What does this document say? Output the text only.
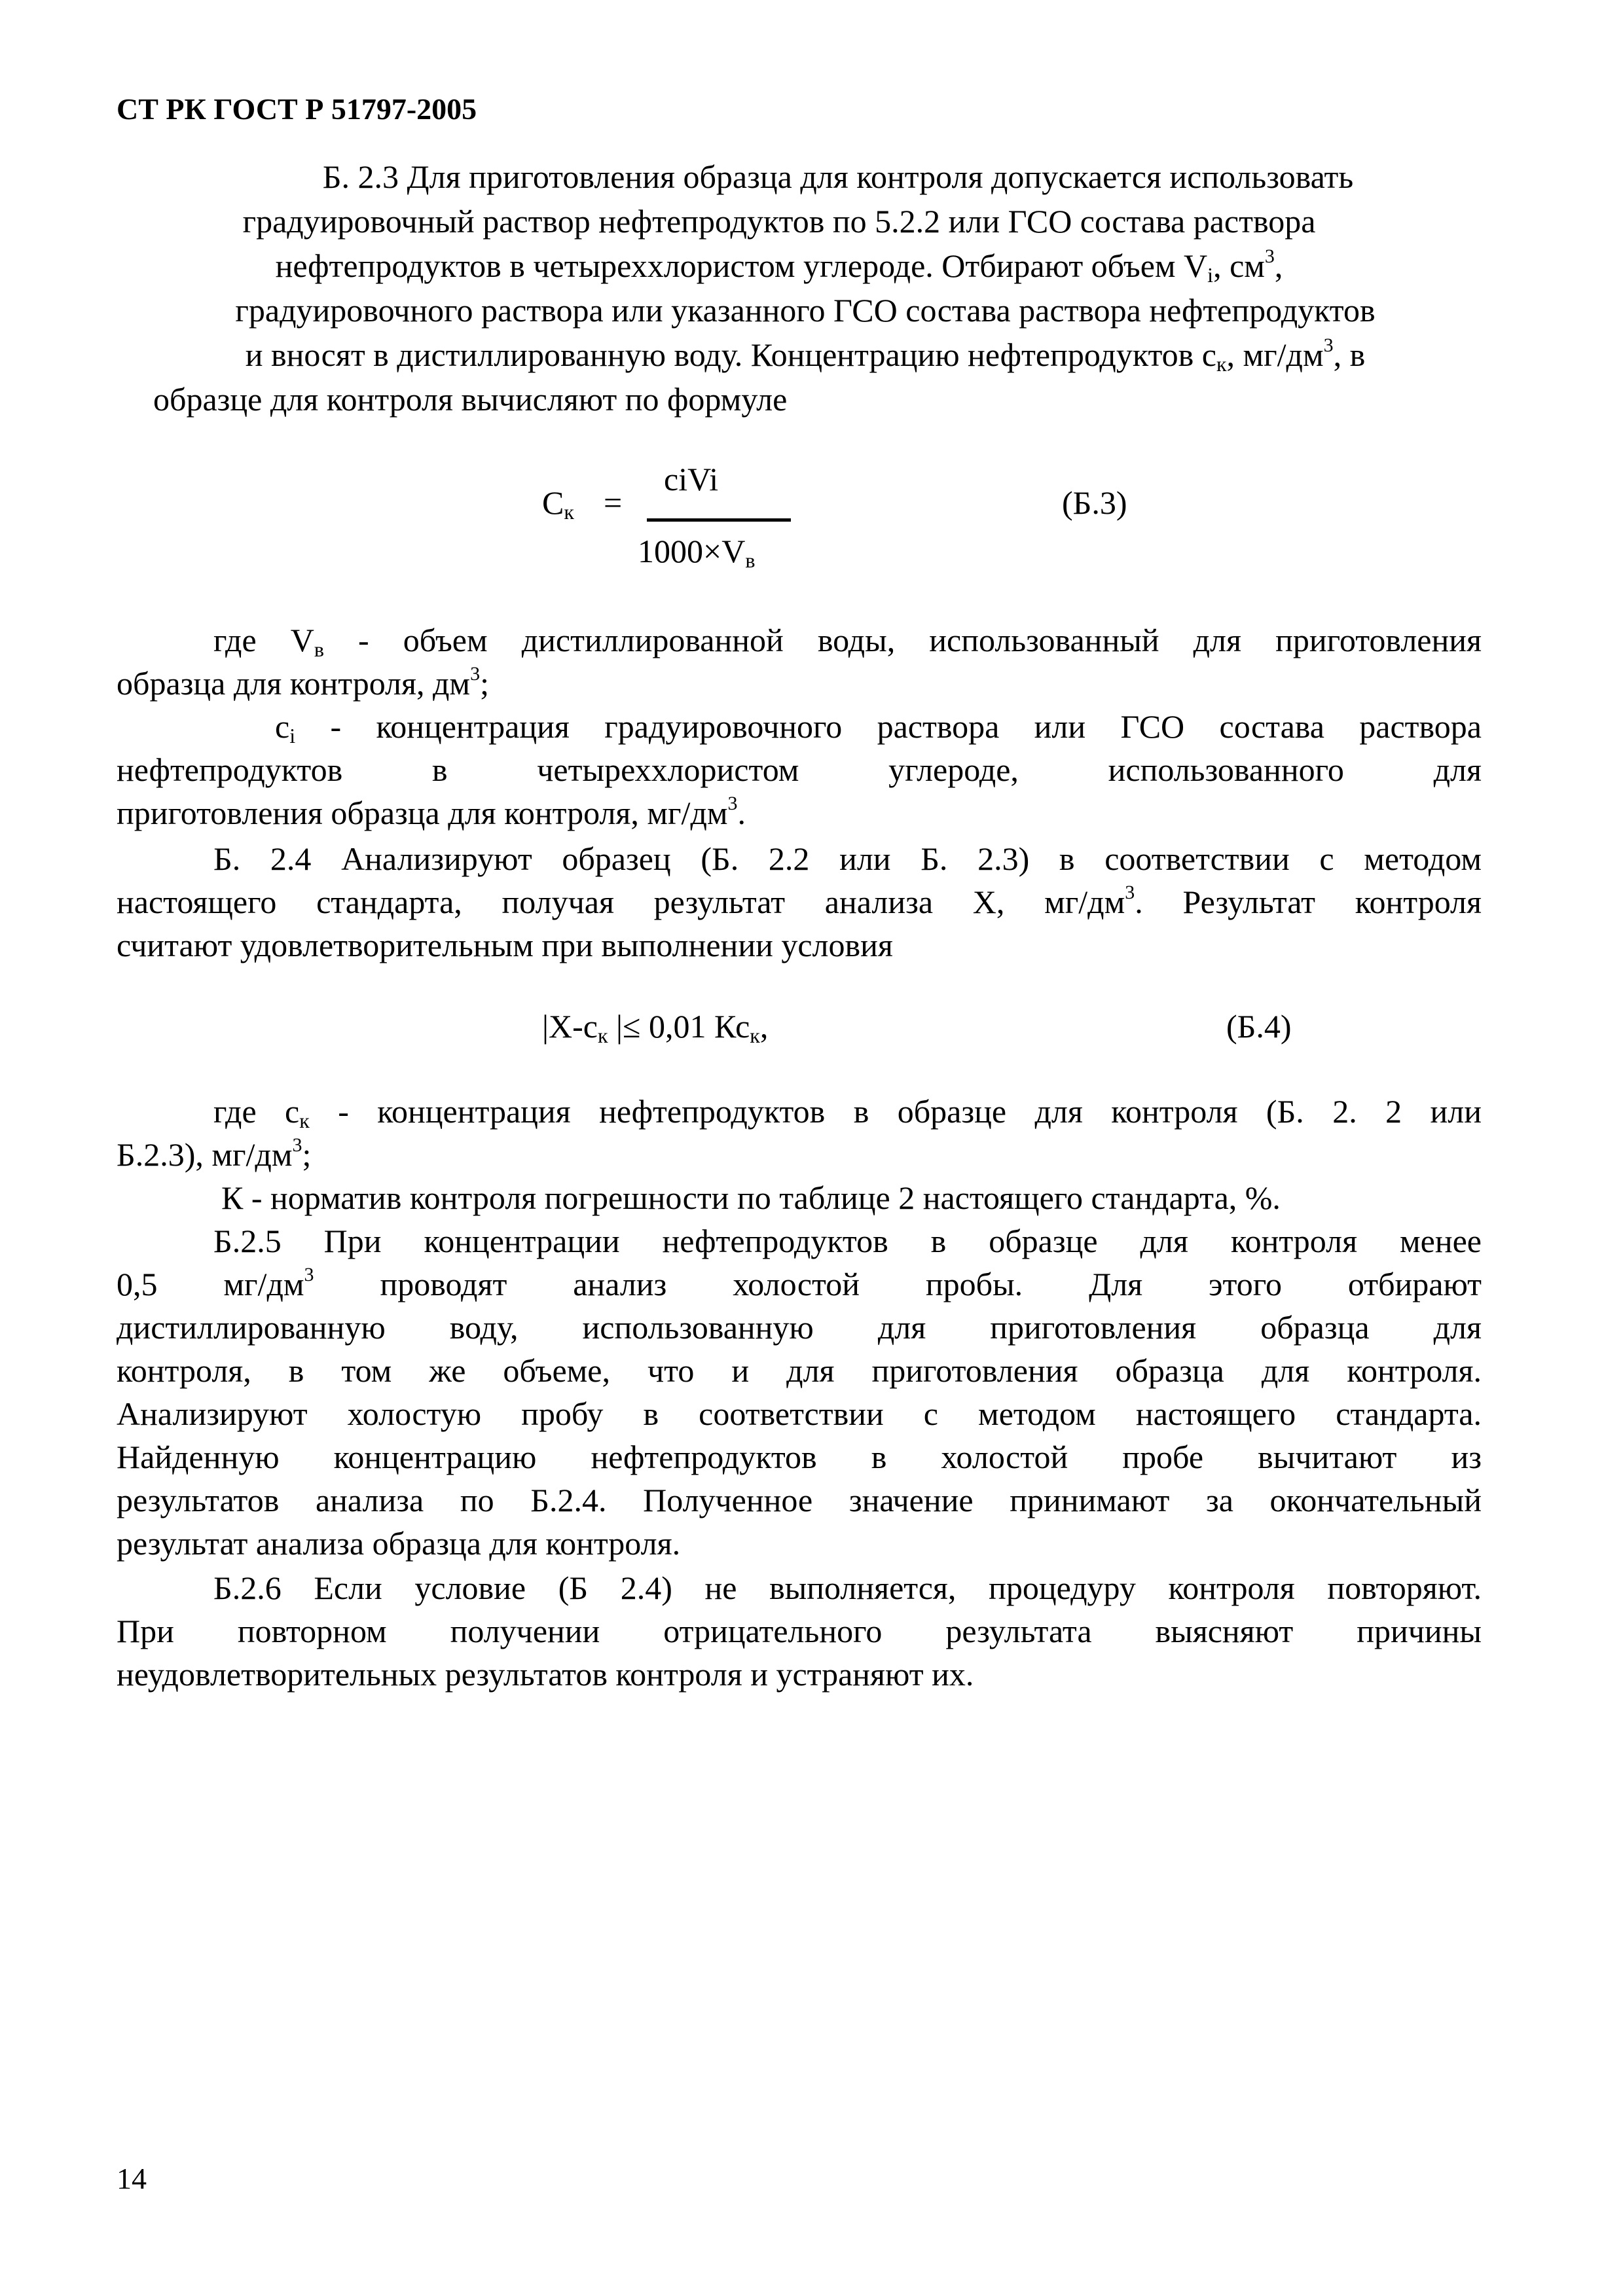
СТ РК ГОСТ Р 51797-2005
Б. 2.3 Для приготовления образца для контроля допускается использовать
градуировочный раствор нефтепродуктов по 5.2.2 или ГСО состава раствора
нефтепродуктов в четыреххлористом углероде. Отбирают объем $V_i$, $см^3$,
градуировочного раствора или указанного ГСО состава раствора нефтепродуктов
и вносят в дистиллированную воду. Концентрацию нефтепродуктов $с_к$, $мг/дм^3$, в
образце для контроля вычисляют по формуле
$С_к$ =
ciVi
$1000\times V_в$
(Б.3)
где $V_в$ - объем дистиллированной воды, использованный для приготовления
образца для контроля, $дм^3$;
$с_i$ - концентрация градуировочного раствора или ГСО состава раствора
нефтепродуктов в четыреххлористом углероде, использованного для
приготовления образца для контроля, $мг/дм^3$.
Б. 2.4 Анализируют образец (Б. 2.2 или Б. 2.3) в соответствии с методом
настоящего стандарта, получая результат анализа X, $мг/дм^3$. Результат контроля
считают удовлетворительным при выполнении условия
$|X-с_к$ |≤ 0,01 $Кс_к$,	(Б.4)
где $с_к$ - концентрация нефтепродуктов в образце для контроля (Б. 2. 2 или
Б.2.3), $мг/дм^3$;
К - норматив контроля погрешности по таблице 2 настоящего стандарта, %.
Б.2.5 При концентрации нефтепродуктов в образце для контроля менее
0,5 $мг/дм^3$ проводят анализ холостой пробы. Для этого отбирают
дистиллированную воду, использованную для приготовления образца для
контроля, в том же объеме, что и для приготовления образца для контроля.
Анализируют холостую пробу в соответствии с методом настоящего стандарта.
Найденную концентрацию нефтепродуктов в холостой пробе вычитают из
результатов анализа по Б.2.4. Полученное значение принимают за окончательный
результат анализа образца для контроля.
Б.2.6 Если условие (Б 2.4) не выполняется, процедуру контроля повторяют.
При повторном получении отрицательного результата выясняют причины
неудовлетворительных результатов контроля и устраняют их.
14
